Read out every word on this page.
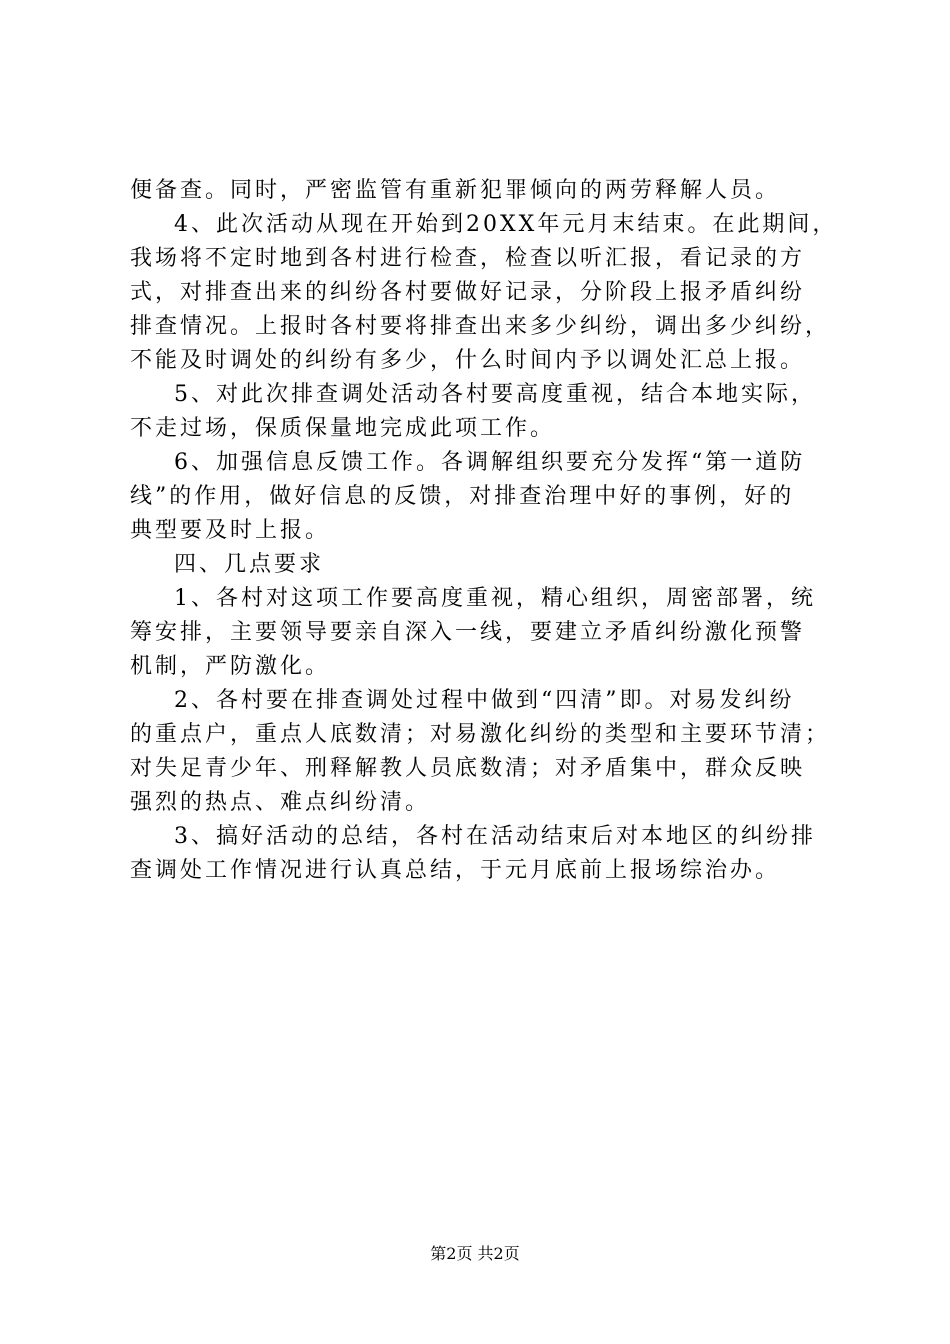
便备查。同时，严密监管有重新犯罪倾向的两劳释解人员。
4、此次活动从现在开始到20XX年元月末结束。在此期间，
我场将不定时地到各村进行检查，检查以听汇报，看记录的方
式，对排查出来的纠纷各村要做好记录，分阶段上报矛盾纠纷
排查情况。上报时各村要将排查出来多少纠纷，调出多少纠纷，
不能及时调处的纠纷有多少，什么时间内予以调处汇总上报。
5、对此次排查调处活动各村要高度重视，结合本地实际，
不走过场，保质保量地完成此项工作。
6、加强信息反馈工作。各调解组织要充分发挥“第一道防
线”的作用，做好信息的反馈，对排查治理中好的事例，好的
典型要及时上报。
四、几点要求
1、各村对这项工作要高度重视，精心组织，周密部署，统
筹安排，主要领导要亲自深入一线，要建立矛盾纠纷激化预警
机制，严防激化。
2、各村要在排查调处过程中做到“四清”即。对易发纠纷
的重点户，重点人底数清；对易激化纠纷的类型和主要环节清；
对失足青少年、刑释解教人员底数清；对矛盾集中，群众反映
强烈的热点、难点纠纷清。
3、搞好活动的总结，各村在活动结束后对本地区的纠纷排
查调处工作情况进行认真总结，于元月底前上报场综治办。
第2页 共2页
